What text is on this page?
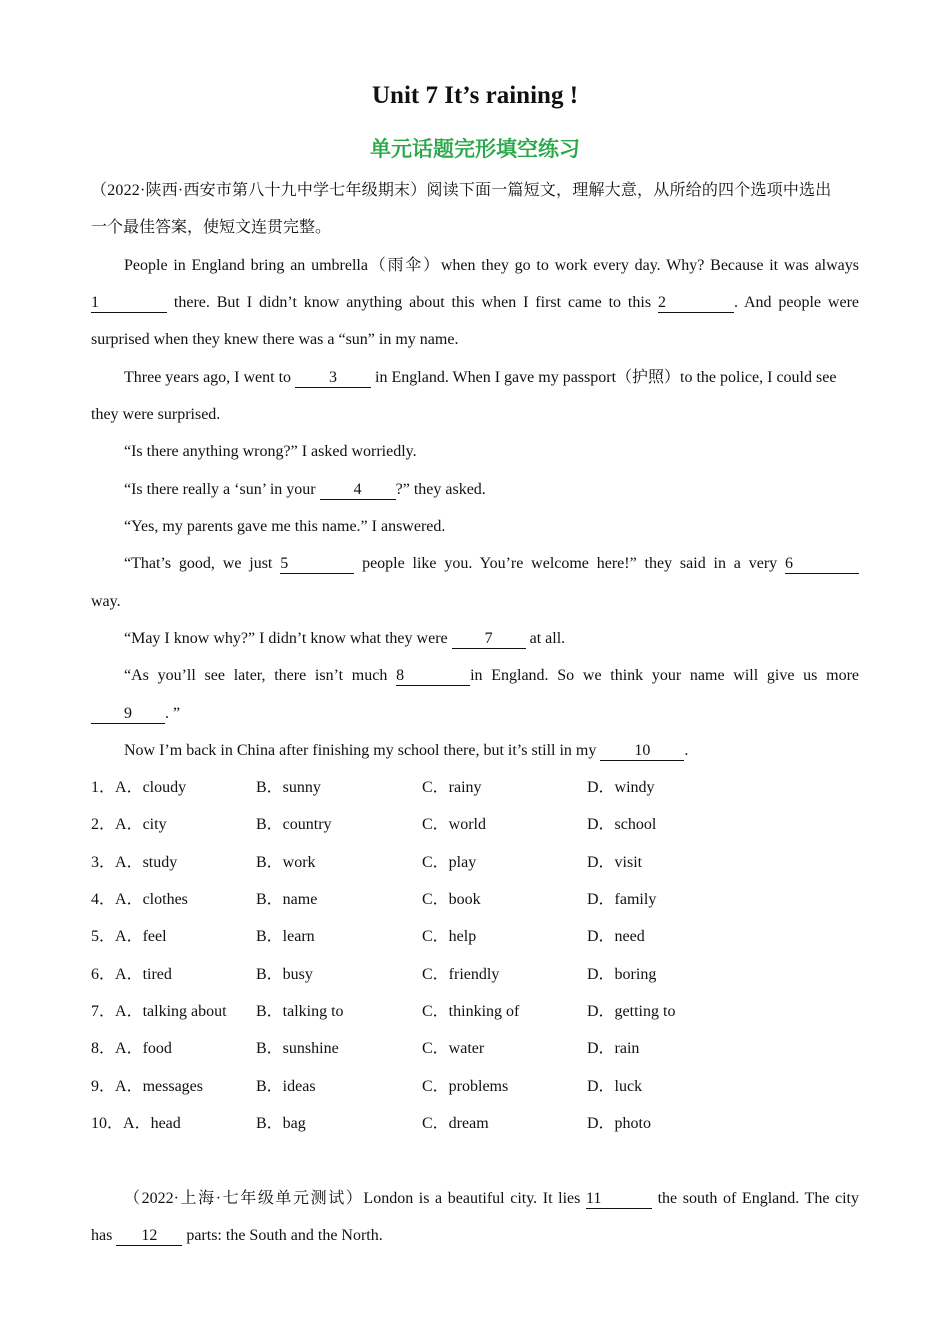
Unit 7 It’s raining !
单元话题完形填空练习
（2022·陕西·西安市第八十九中学七年级期末）阅读下面一篇短文，理解大意，从所给的四个选项中选出
一个最佳答案，使短文连贯完整。
People in England bring an umbrella（雨伞）when they go to work every day. Why? Because it was always
1	there. But I didn’t know anything about this when I first came to this 2	. And people were
surprised when they knew there was a “sun” in my name.
Three years ago, I went to 3 in England. When I gave my passport（护照）to the police, I could see
they were surprised.
“Is there anything wrong?” I asked worriedly.
“Is there really a ‘sun’ in your 4 ?” they asked.
“Yes, my parents gave me this name.” I answered.
“That’s good, we just 5	people like you. You’re welcome here!” they said in a very 6
way.
“May I know why?” I didn’t know what they were 7 at all.
“As you’ll see later, there isn’t much 8	in England. So we think your name will give us more
9 . ”
Now I’m back in China after finishing my school there, but it’s still in my 10 .
1．A．cloudy	B．sunny	C．rainy	D．windy
2．A．city	B．country	C．world	D．school
3．A．study	B．work	C．play	D．visit
4．A．clothes	B．name	C．book	D．family
5．A．feel	B．learn	C．help	D．need
6．A．tired	B．busy	C．friendly	D．boring
7．A．talking about B．talking to	C．thinking of	D．getting to
8．A．food	B．sunshine	C．water	D．rain
9．A．messages	B．ideas	C．problems	D．luck
10．A．head	B．bag	C．dream	D．photo
（2022·上海·七年级单元测试）London is a beautiful city. It lies 11	the south of England. The city
has 12 parts: the South and the North.
